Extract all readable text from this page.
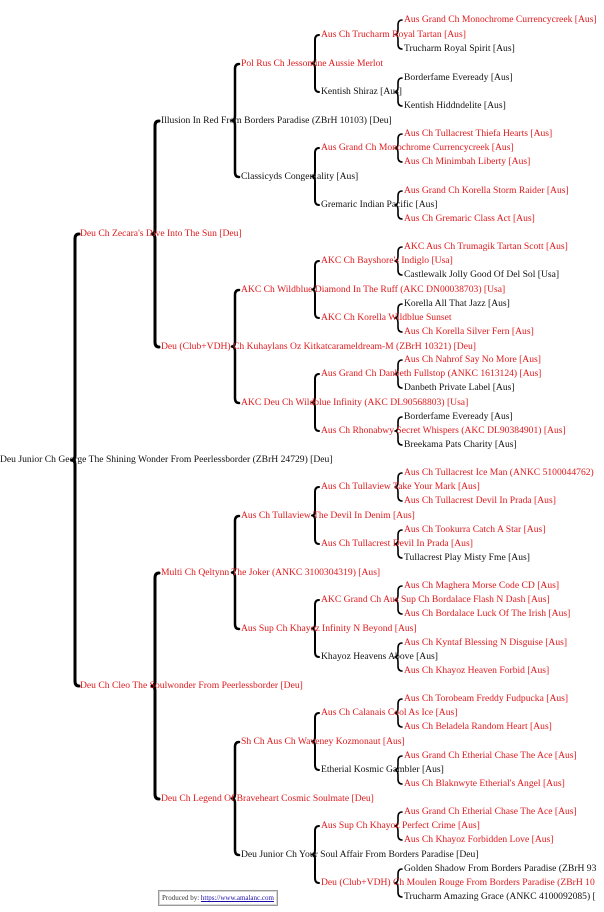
Deu Junior Ch George The Shining Wonder From Peerlessborder (ZBrH 24729) [Deu]
Deu Ch Zecara's Dive Into The Sun [Deu]
Deu Ch Cleo The Soulwonder From Peerlessborder [Deu]
Illusion In Red From Borders Paradise (ZBrH 10103) [Deu]
Deu (Club+VDH) Ch Kuhaylans Oz Kitkatcarameldream-M (ZBrH 10321) [Deu]
Multi Ch Qeltynn The Joker (ANKC 3100304319) [Aus]
Deu Ch Legend Of Braveheart Cosmic Soulmate [Deu]
Pol Rus Ch Jessomine Aussie Merlot
Classicyds Congeniality [Aus]
AKC Ch Wildblue Diamond In The Ruff (AKC DN00038703) [Usa]
AKC Deu Ch Wildblue Infinity (AKC DL90568803) [Usa]
Aus Ch Tullaview The Devil In Denim [Aus]
Aus Sup Ch Khayoz Infinity N Beyond [Aus]
Sh Ch Aus Ch Waveney Kozmonaut [Aus]
Deu Junior Ch Your Soul Affair From Borders Paradise [Deu]
Aus Ch Trucharm Royal Tartan [Aus]
Kentish Shiraz [Aus]
Aus Grand Ch Monochrome Currencycreek [Aus]
Gremaric Indian Pacific [Aus]
AKC Ch Bayshore's Indiglo [Usa]
AKC Ch Korella Wildblue Sunset
Aus Grand Ch Danbeth Fullstop (ANKC 1613124) [Aus]
Aus Ch Rhonabwy Secret Whispers (AKC DL90384901) [Aus]
Aus Ch Tullaview Take Your Mark [Aus]
Aus Ch Tullacrest Devil In Prada [Aus]
AKC Grand Ch Aus Sup Ch Bordalace Flash N Dash [Aus]
Khayoz Heavens Above [Aus]
Aus Ch Calanais Cool As Ice [Aus]
Etherial Kosmic Gambler [Aus]
Aus Sup Ch Khayoz Perfect Crime [Aus]
Deu (Club+VDH) Ch Moulen Rouge From Borders Paradise (ZBrH 10
Aus Grand Ch Monochrome Currencycreek [Aus]
Trucharm Royal Spirit [Aus]
Borderfame Eveready [Aus]
Kentish Hiddndelite [Aus]
Aus Ch Tullacrest Thiefa Hearts [Aus]
Aus Ch Minimbah Liberty [Aus]
Aus Grand Ch Korella Storm Raider [Aus]
Aus Ch Gremaric Class Act [Aus]
AKC Aus Ch Trumagik Tartan Scott [Aus]
Castlewalk Jolly Good Of Del Sol [Usa]
Korella All That Jazz [Aus]
Aus Ch Korella Silver Fern [Aus]
Aus Ch Nahrof Say No More [Aus]
Danbeth Private Label [Aus]
Borderfame Eveready [Aus]
Breekama Pats Charity [Aus]
Aus Ch Tullacrest Ice Man (ANKC 5100044762)
Aus Ch Tullacrest Devil In Prada [Aus]
Aus Ch Tookurra Catch A Star [Aus]
Tullacrest Play Misty Fme [Aus]
Aus Ch Maghera Morse Code CD [Aus]
Aus Ch Bordalace Luck Of The Irish [Aus]
Aus Ch Kyntaf Blessing N Disguise [Aus]
Aus Ch Khayoz Heaven Forbid [Aus]
Aus Ch Torobeam Freddy Fudpucka [Aus]
Aus Ch Beladela Random Heart [Aus]
Aus Grand Ch Etherial Chase The Ace [Aus]
Aus Ch Blaknwyte Etherial's Angel [Aus]
Aus Grand Ch Etherial Chase The Ace [Aus]
Aus Ch Khayoz Forbidden Love [Aus]
Golden Shadow From Borders Paradise (ZBrH 93
Trucharm Amazing Grace (ANKC 4100092085) [
Produced by: https://www.amalanc.com
